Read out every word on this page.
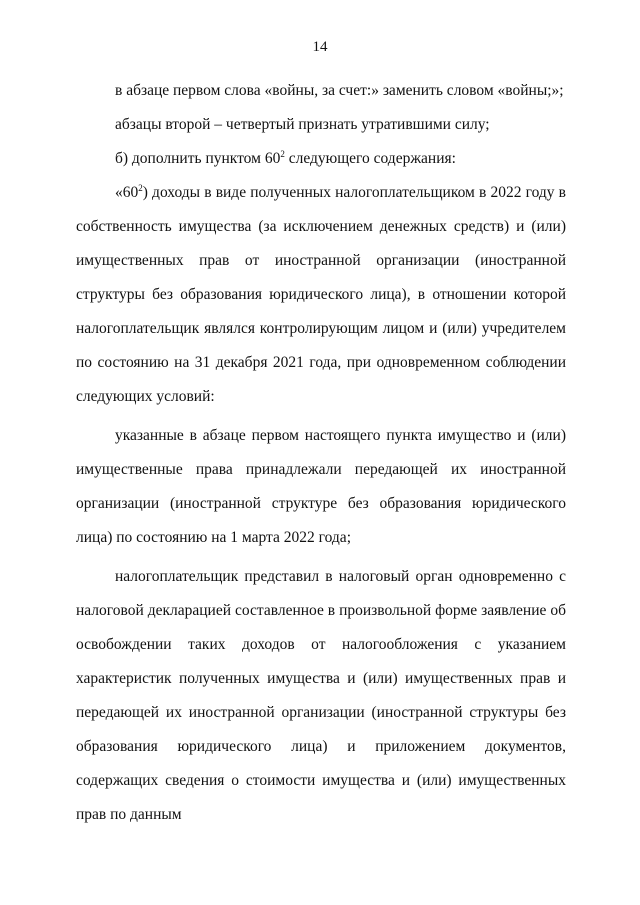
14

в абзаце первом слова «войны, за счет:» заменить словом «войны;»;

абзацы второй – четвертый признать утратившими силу;

б) дополнить пунктом $60^2$ следующего содержания:

«$60^2$) доходы в виде полученных налогоплательщиком в 2022 году в собственность имущества (за исключением денежных средств) и (или) имущественных прав от иностранной организации (иностранной структуры без образования юридического лица), в отношении которой налогоплательщик являлся контролирующим лицом и (или) учредителем по состоянию на 31 декабря 2021 года, при одновременном соблюдении следующих условий:

указанные в абзаце первом настоящего пункта имущество и (или) имущественные права принадлежали передающей их иностранной организации (иностранной структуре без образования юридического лица) по состоянию на 1 марта 2022 года;

налогоплательщик представил в налоговый орган одновременно с налоговой декларацией составленное в произвольной форме заявление об освобождении таких доходов от налогообложения с указанием характеристик полученных имущества и (или) имущественных прав и передающей их иностранной организации (иностранной структуры без образования юридического лица) и приложением документов, содержащих сведения о стоимости имущества и (или) имущественных прав по данным
